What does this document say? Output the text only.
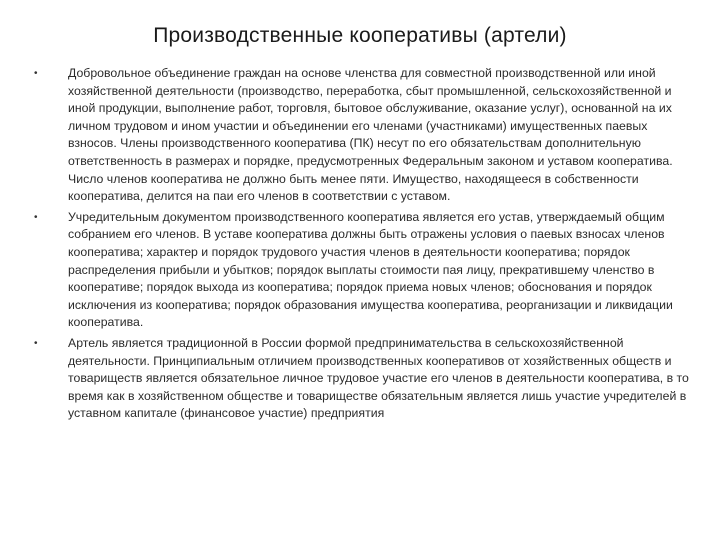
Производственные кооперативы (артели)
• Добровольное объединение граждан на основе членства для совместной производственной или иной хозяйственной деятельности (производство, переработка, сбыт промышленной, сельскохозяйственной и иной продукции, выполнение работ, торговля, бытовое обслуживание, оказание услуг), основанной на их личном трудовом и ином участии и объединении его членами (участниками) имущественных паевых взносов. Члены производственного кооператива (ПК) несут по его обязательствам дополнительную ответственность в размерах и порядке, предусмотренных Федеральным законом и уставом кооператива. Число членов кооператива не должно быть менее пяти. Имущество, находящееся в собственности кооператива, делится на паи его членов в соответствии с уставом.
• Учредительным документом производственного кооператива является его устав, утверждаемый общим собранием его членов. В уставе кооператива должны быть отражены условия о паевых взносах членов кооператива; характер и порядок трудового участия членов в деятельности кооператива; порядок распределения прибыли и убытков; порядок выплаты стоимости пая лицу, прекратившему членство в кооперативе; порядок выхода из кооператива; порядок приема новых членов; обоснования и порядок исключения из кооператива; порядок образования имущества кооператива, реорганизации и ликвидации кооператива.
• Артель является традиционной в России формой предпринимательства в сельскохозяйственной деятельности. Принципиальным отличием производственных кооперативов от хозяйственных обществ и товариществ является обязательное личное трудовое участие его членов в деятельности кооператива, в то время как в хозяйственном обществе и товариществе обязательным является лишь участие учредителей в уставном капитале (финансовое участие) предприятия
